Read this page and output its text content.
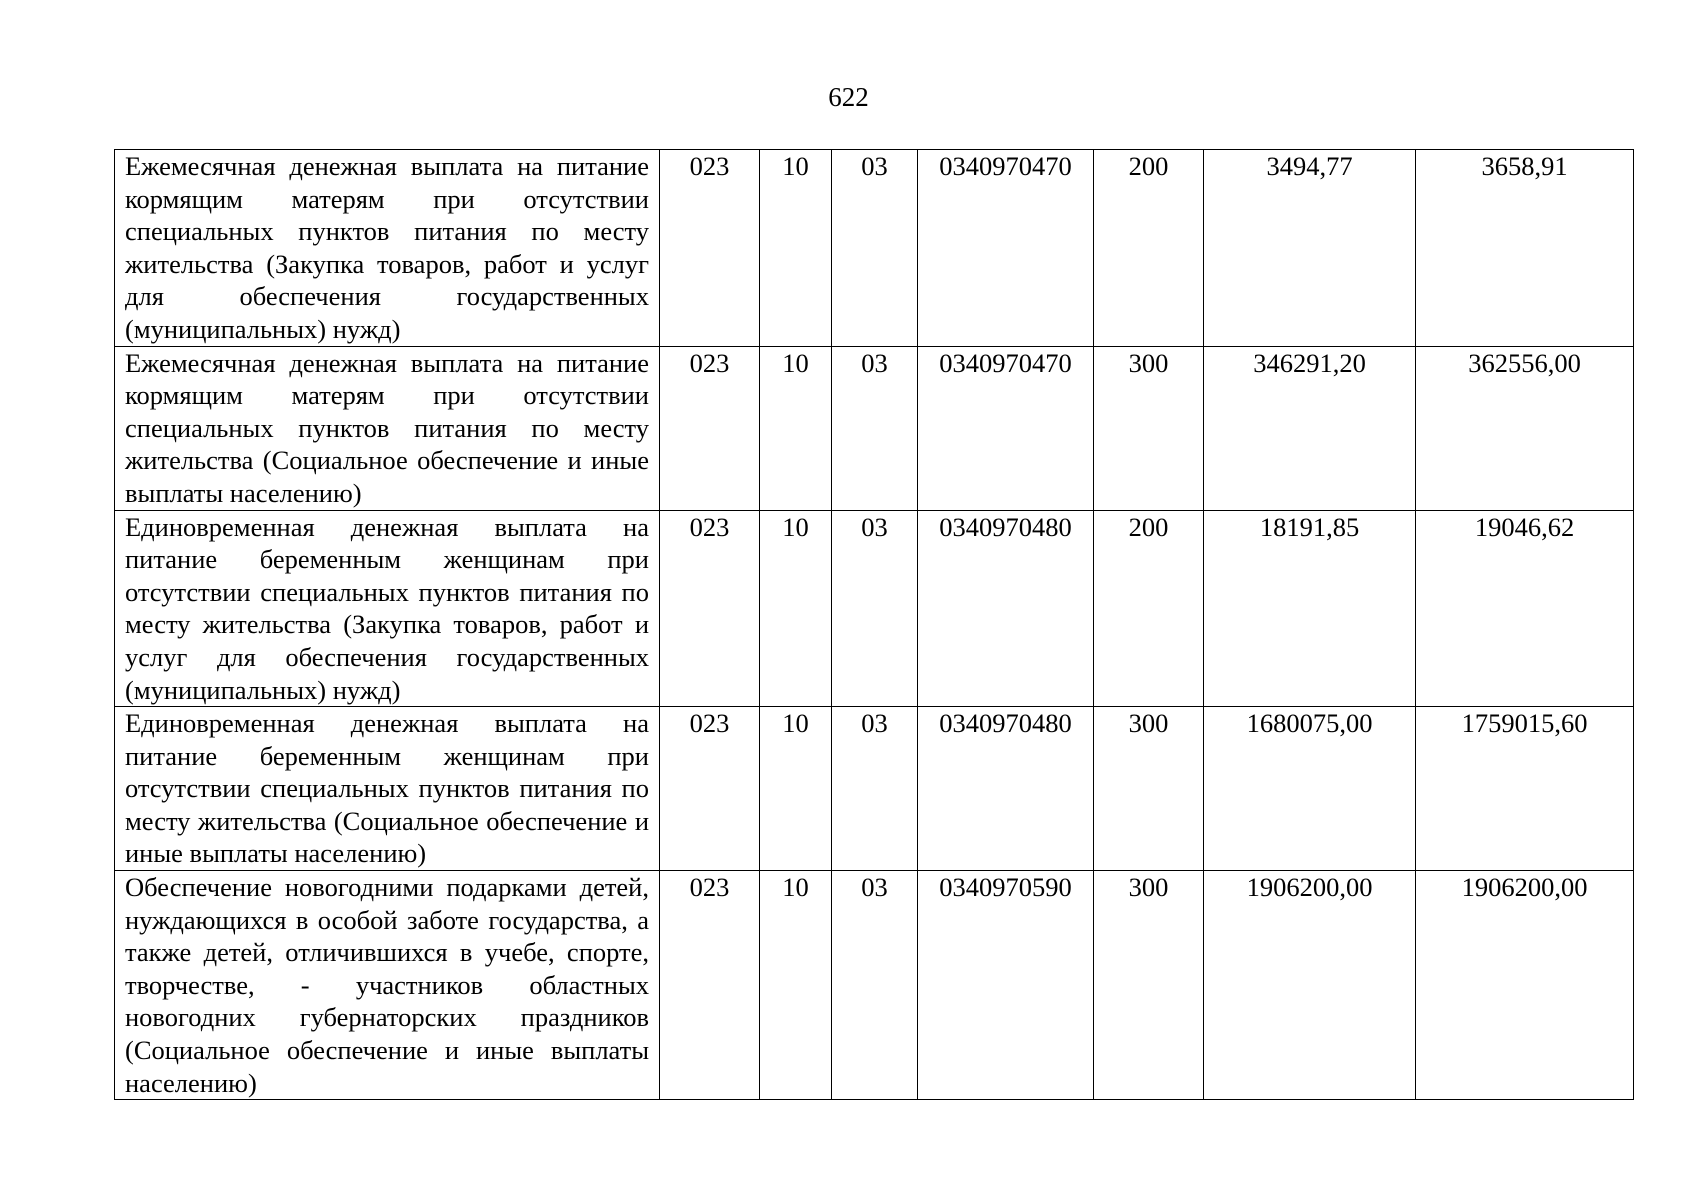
622
Ежемесячная денежная выплата на питание кормящим матерям при отсутствии специальных пунктов питания по месту жительства (Закупка товаров, работ и услуг для обеспечения государственных (муниципальных) нужд)	023	10	03	0340970470	200	3494,77	3658,91
Ежемесячная денежная выплата на питание кормящим матерям при отсутствии специальных пунктов питания по месту жительства (Социальное обеспечение и иные выплаты населению)	023	10	03	0340970470	300	346291,20	362556,00
Единовременная денежная выплата на питание беременным женщинам при отсутствии специальных пунктов питания по месту жительства (Закупка товаров, работ и услуг для обеспечения государственных (муниципальных) нужд)	023	10	03	0340970480	200	18191,85	19046,62
Единовременная денежная выплата на питание беременным женщинам при отсутствии специальных пунктов питания по месту жительства (Социальное обеспечение и иные выплаты населению)	023	10	03	0340970480	300	1680075,00	1759015,60
Обеспечение новогодними подарками детей, нуждающихся в особой заботе государства, а также детей, отличившихся в учебе, спорте, творчестве, - участников областных новогодних губернаторских праздников (Социальное обеспечение и иные выплаты населению)	023	10	03	0340970590	300	1906200,00	1906200,00
